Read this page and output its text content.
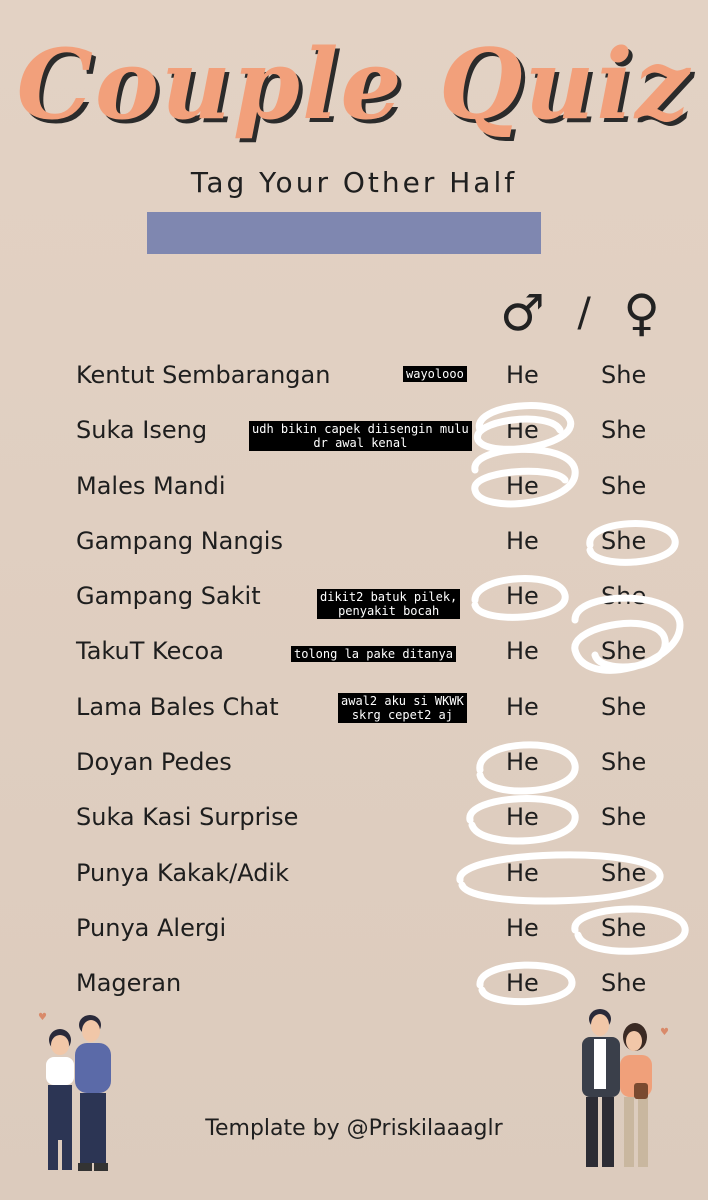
Couple Quiz
Tag Your Other Half
♂ / ♀
Kentut Sembarangan	He	She
Suka Iseng	He	She
Males Mandi	He	She
Gampang Nangis	He	She
Gampang Sakit	He	She
TakuT Kecoa	He	She
Lama Bales Chat	He	She
Doyan Pedes	He	She
Suka Kasi Surprise	He	She
Punya Kakak/Adik	He	She
Punya Alergi	He	She
Mageran	He	She
wayolooo
udh bikin capek diisengin mulu
dr awal kenal
dikit2 batuk pilek,
penyakit bocah
tolong la pake ditanya
awal2 aku si WKWK
skrg cepet2 aj
♥
♥
Template by @Priskilaaaglr
